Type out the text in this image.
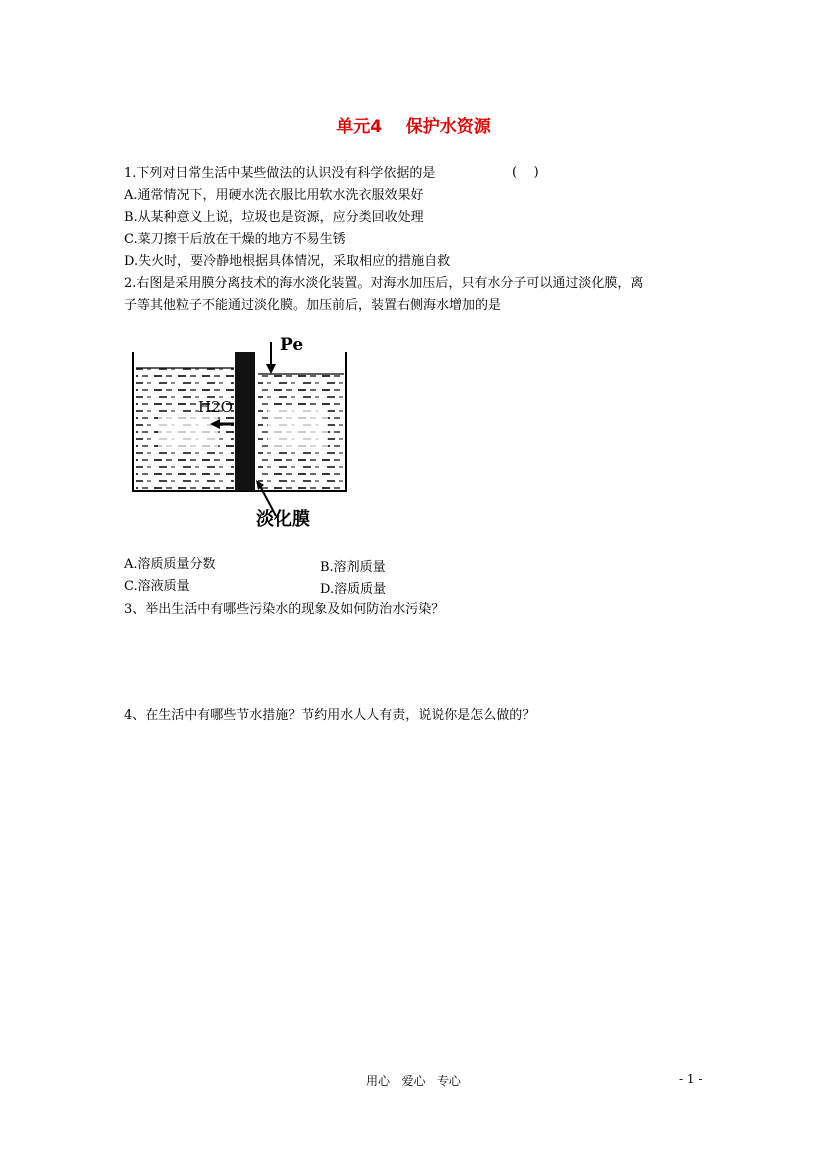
单元4 保护水资源
1.下列对日常生活中某些做法的认识没有科学依据的是	(    )
A.通常情况下，用硬水洗衣服比用软水洗衣服效果好
B.从某种意义上说，垃圾也是资源，应分类回收处理
C.菜刀擦干后放在干燥的地方不易生锈
D.失火时，要冷静地根据具体情况，采取相应的措施自救
2.右图是采用膜分离技术的海水淡化装置。对海水加压后，只有水分子可以通过淡化膜，离
子等其他粒子不能通过淡化膜。加压前后，装置右侧海水增加的是
Pe
H2O
淡化膜
A.溶质质量分数	B.溶剂质量
C.溶液质量	D.溶质质量
3、举出生活中有哪些污染水的现象及如何防治水污染？
4、在生活中有哪些节水措施？节约用水人人有责，说说你是怎么做的？
用心   爱心   专心	- 1 -
